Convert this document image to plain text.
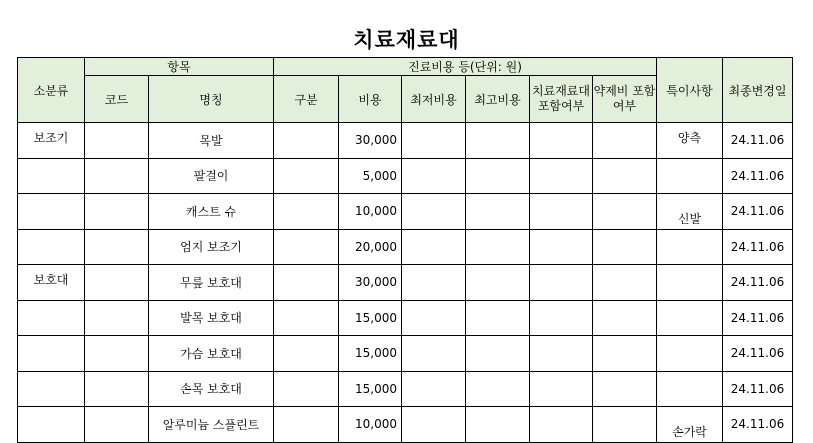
치료재료대
소분류	항목		진료비용 등(단위: 원)						특이사항	최종변경일
	코드	명칭	구분	비용	최저비용	최고비용	치료재료대 포함여부	약제비 포함여부		
보조기		목발		30,000					양측	24.11.06
		팔걸이		5,000						24.11.06
		캐스트 슈		10,000					신발	24.11.06
		엄지 보조기		20,000						24.11.06
보호대		무릎 보호대		30,000						24.11.06
		발목 보호대		15,000						24.11.06
		가슴 보호대		15,000						24.11.06
		손목 보호대		15,000						24.11.06
		알루미늄 스플린트		10,000					손가락	24.11.06
